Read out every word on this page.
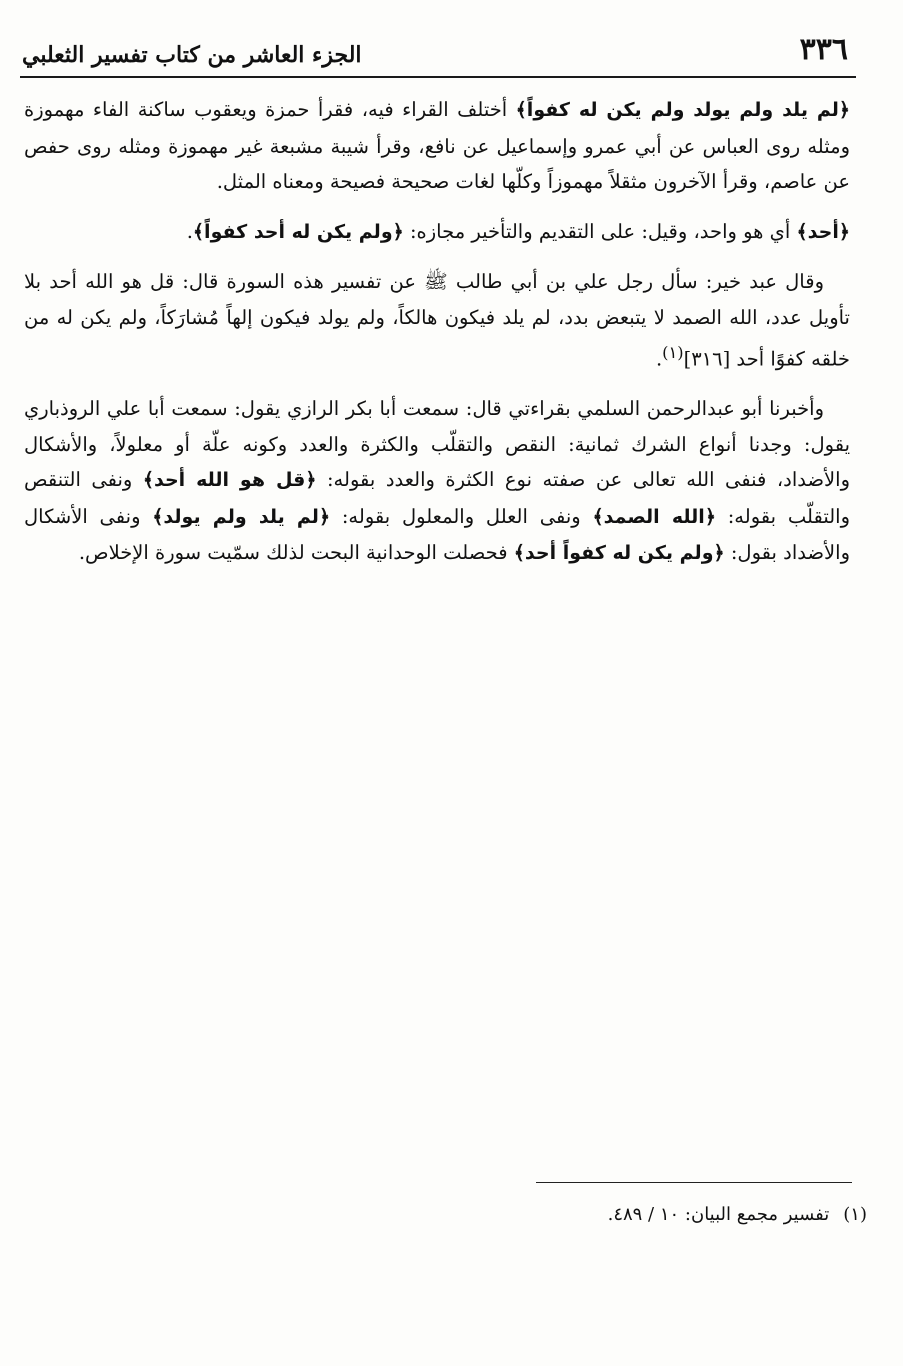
٣٣٦
الجزء العاشر من كتاب تفسير الثعلبي

﴿لم يلد ولم يولد ولم يكن له كفواً﴾ أختلف القراء فيه، فقرأ حمزة ويعقوب ساكنة الفاء مهموزة ومثله روى العباس عن أبي عمرو وإسماعيل عن نافع، وقرأ شيبة مشبعة غير مهموزة ومثله روى حفص عن عاصم، وقرأ الآخرون مثقلاً مهموزاً وكلّها لغات صحيحة فصيحة ومعناه المثل.

﴿أحد﴾ أي هو واحد، وقيل: على التقديم والتأخير مجازه: ﴿ولم يكن له أحد كفواً﴾.

وقال عبد خير: سأل رجل علي بن أبي طالب ﷺ عن تفسير هذه السورة قال: قل هو الله أحد بلا تأويل عدد، الله الصمد لا يتبعض بدد، لم يلد فيكون هالكاً، ولم يولد فيكون إلهاً مُشارَكاً، ولم يكن له من خلقه كفوًا أحد [٣١٦]$^{(١)}$.

وأخبرنا أبو عبدالرحمن السلمي بقراءتي قال: سمعت أبا بكر الرازي يقول: سمعت أبا علي الروذباري يقول: وجدنا أنواع الشرك ثمانية: النقص والتقلّب والكثرة والعدد وكونه علّة أو معلولاً، والأشكال والأضداد، فنفى الله تعالى عن صفته نوع الكثرة والعدد بقوله: ﴿قل هو الله أحد﴾ ونفى التنقص والتقلّب بقوله: ﴿الله الصمد﴾ ونفى العلل والمعلول بقوله: ﴿لم يلد ولم يولد﴾ ونفى الأشكال والأضداد بقول: ﴿ولم يكن له كفواً أحد﴾ فحصلت الوحدانية البحت لذلك سمّيت سورة الإخلاص.

(١)تفسير مجمع البيان: ١٠ / ٤٨٩.
